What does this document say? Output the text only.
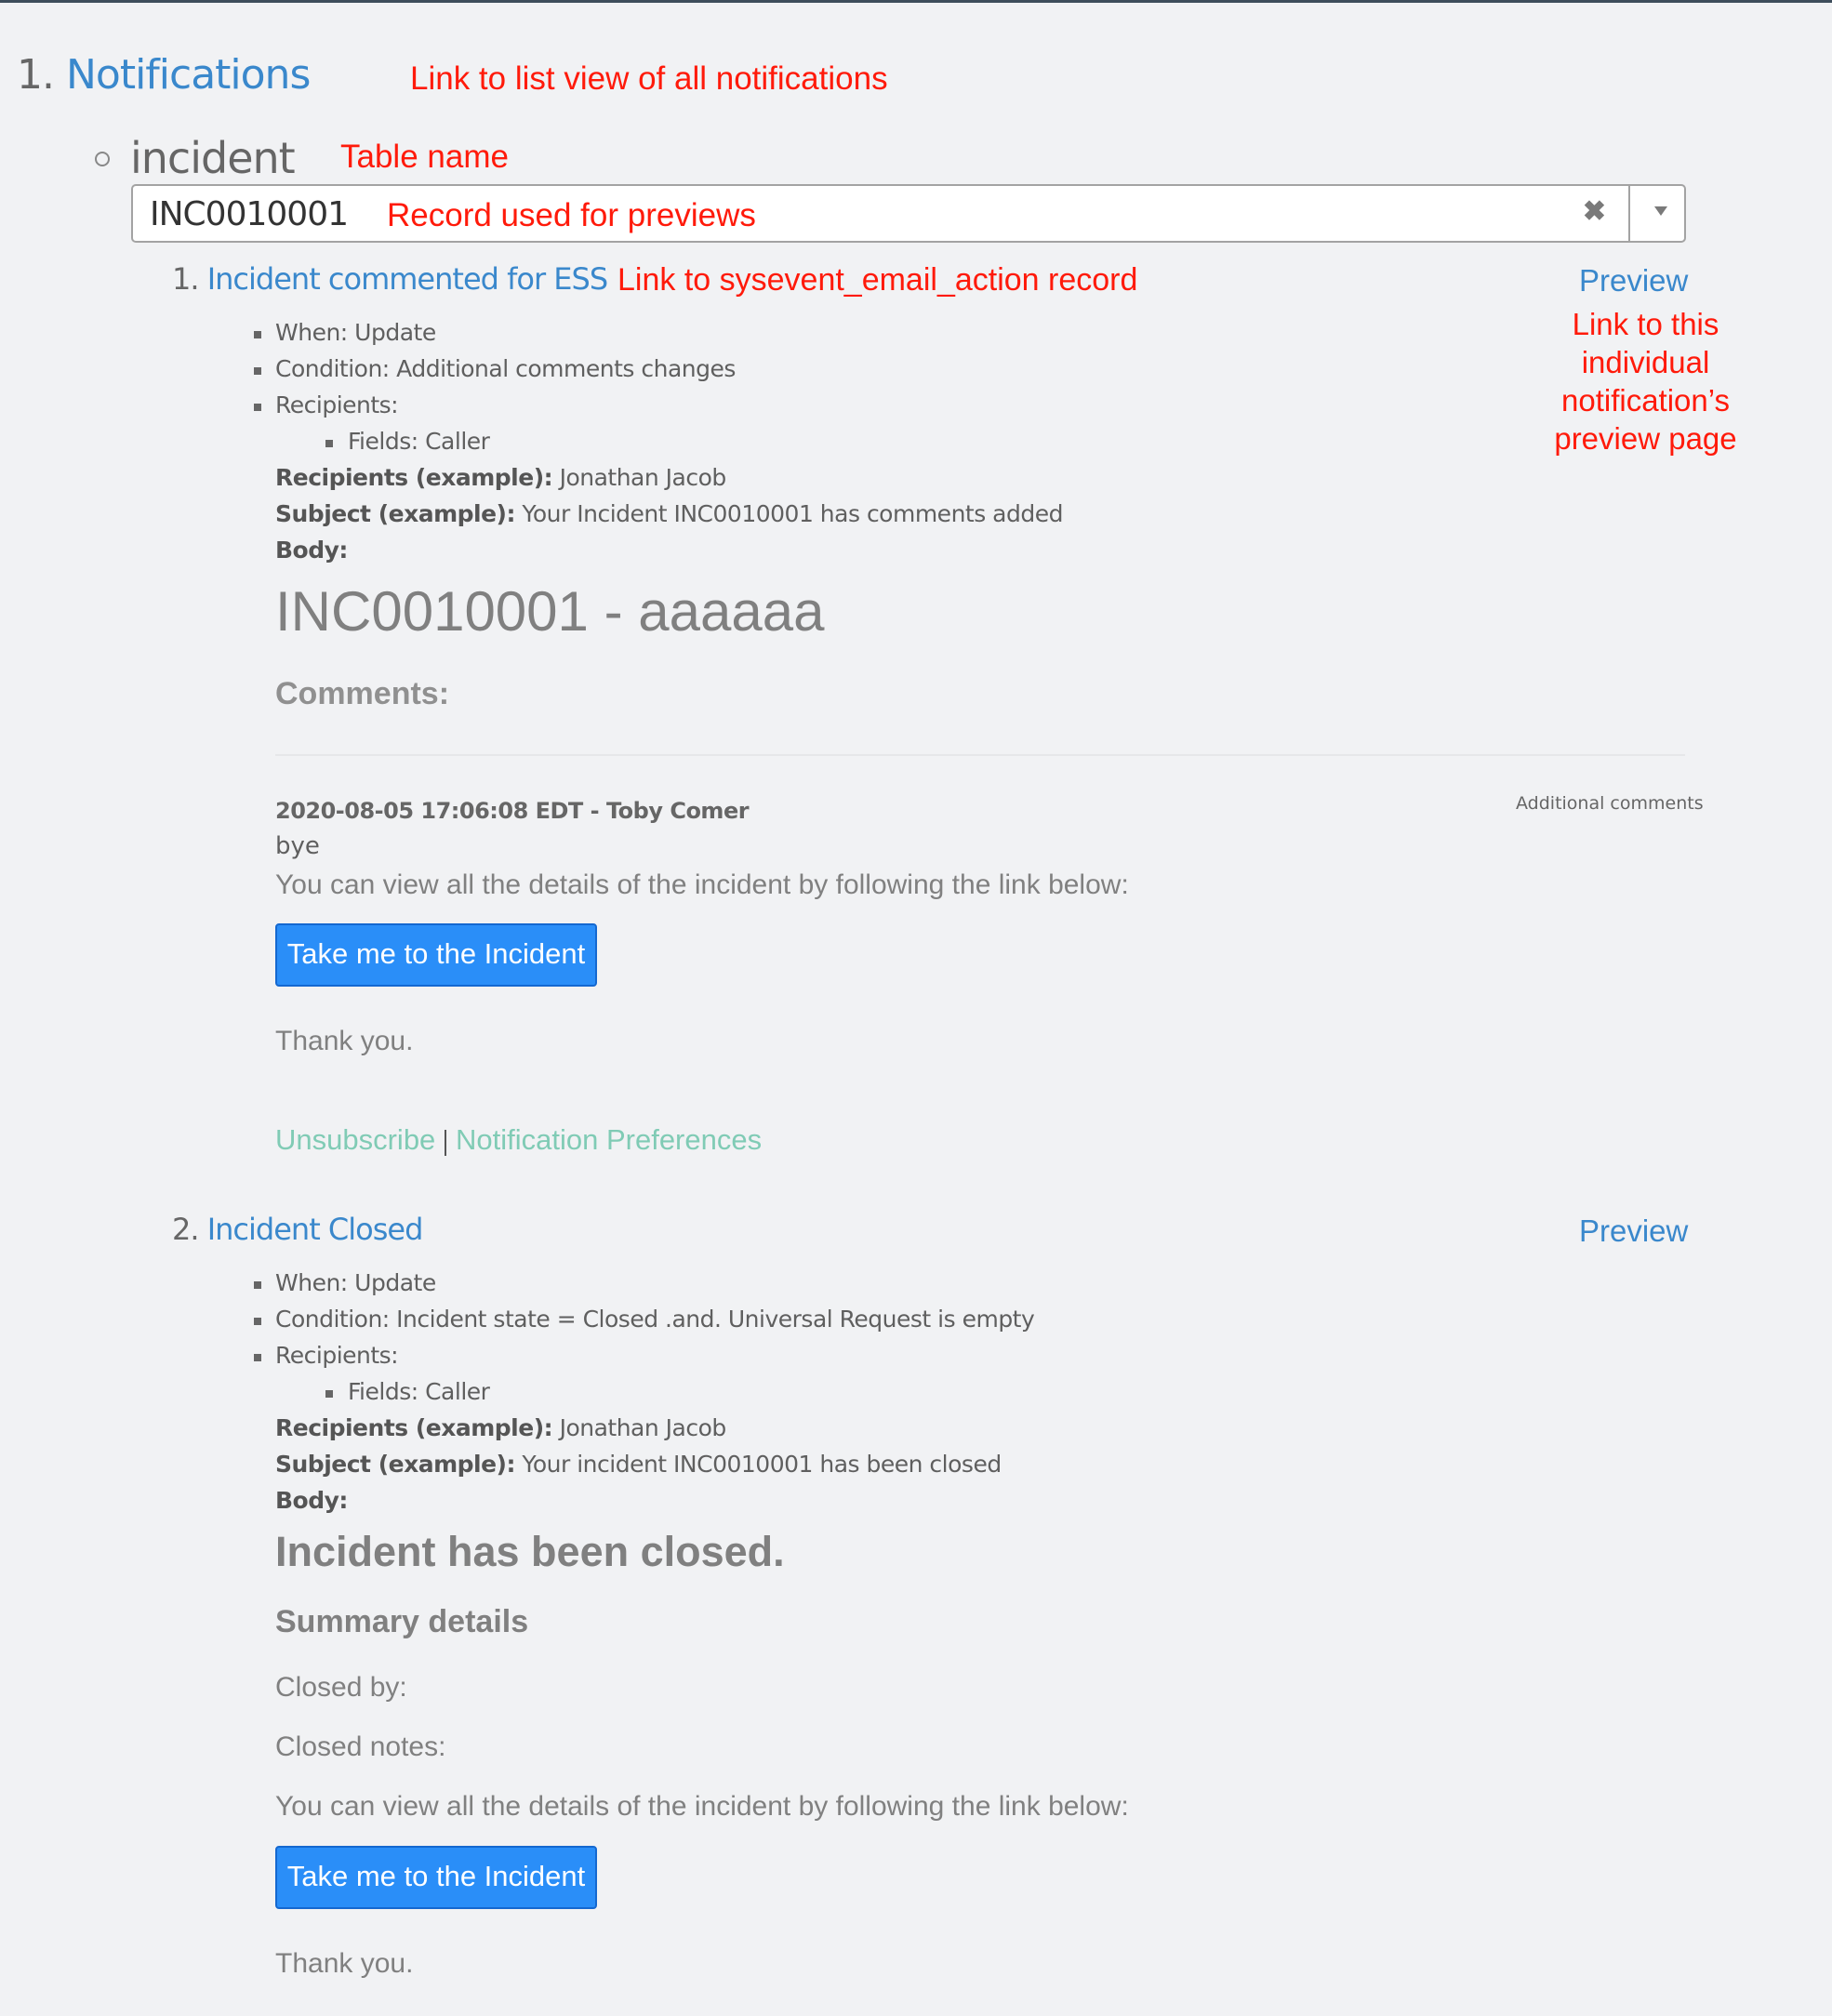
1. Notifications	Link to list view of all notifications
incident Table name
INC0010001 Record used for previews	✖
1. Incident commented for ESS Link to sysevent_email_action record	Preview
Link to this
individual
notification’s
preview page
When: Update
Condition: Additional comments changes
Recipients:
Fields: Caller
Recipients (example): Jonathan Jacob
Subject (example): Your Incident INC0010001 has comments added
Body:
INC0010001 - aaaaaa
Comments:
2020-08-05 17:06:08 EDT - Toby Comer	Additional comments
bye
You can view all the details of the incident by following the link below:
Take me to the Incident
Thank you.
Unsubscribe Notification Preferences
2. Incident Closed	Preview
When: Update
Condition: Incident state = Closed .and. Universal Request is empty
Recipients:
Fields: Caller
Recipients (example): Jonathan Jacob
Subject (example): Your incident INC0010001 has been closed
Body:
Incident has been closed.
Summary details
Closed by:
Closed notes:
You can view all the details of the incident by following the link below:
Take me to the Incident
Thank you.
